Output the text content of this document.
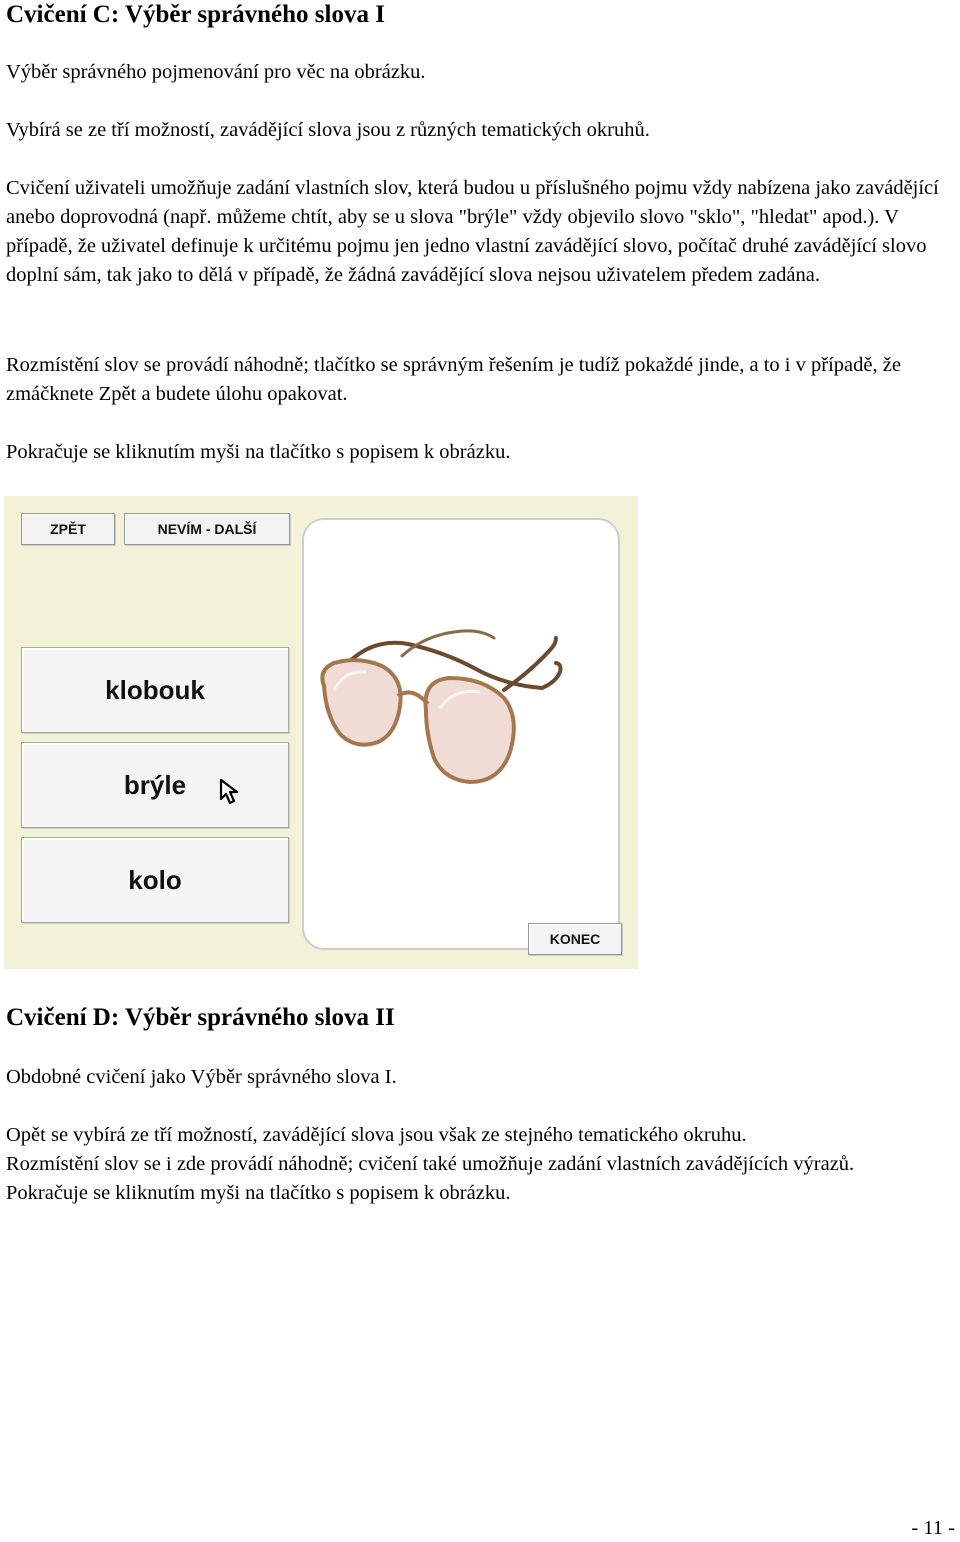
Cvičení C: Výběr správného slova I

Výběr správného pojmenování pro věc na obrázku.

Vybírá se ze tří možností, zavádějící slova jsou z různých tematických okruhů.

Cvičení uživateli umožňuje zadání vlastních slov, která budou u příslušného pojmu vždy nabízena jako zavádějící anebo doprovodná (např. můžeme chtít, aby se u slova "brýle" vždy objevilo slovo "sklo", "hledat" apod.). V případě, že uživatel definuje k určitému pojmu jen jedno vlastní zavádějící slovo, počítač druhé zavádějící slovo doplní sám, tak jako to dělá v případě, že žádná zavádějící slova nejsou uživatelem předem zadána.

Rozmístění slov se provádí náhodně; tlačítko se správným řešením je tudíž pokaždé jinde, a to i v případě, že zmáčknete Zpět a budete úlohu opakovat.

Pokračuje se kliknutím myši na tlačítko s popisem k obrázku.

Cvičení D: Výběr správného slova II

Obdobné cvičení jako Výběr správného slova I.

Opět se vybírá ze tří možností, zavádějící slova jsou však ze stejného tematického okruhu.

Rozmístění slov se i zde provádí náhodně; cvičení také umožňuje zadání vlastních zavádějících výrazů.

Pokračuje se kliknutím myši na tlačítko s popisem k obrázku.

- 11 -
ZPĚT	NEVÍM - DALŠÍ
klobouk
brýle
kolo
KONEC
